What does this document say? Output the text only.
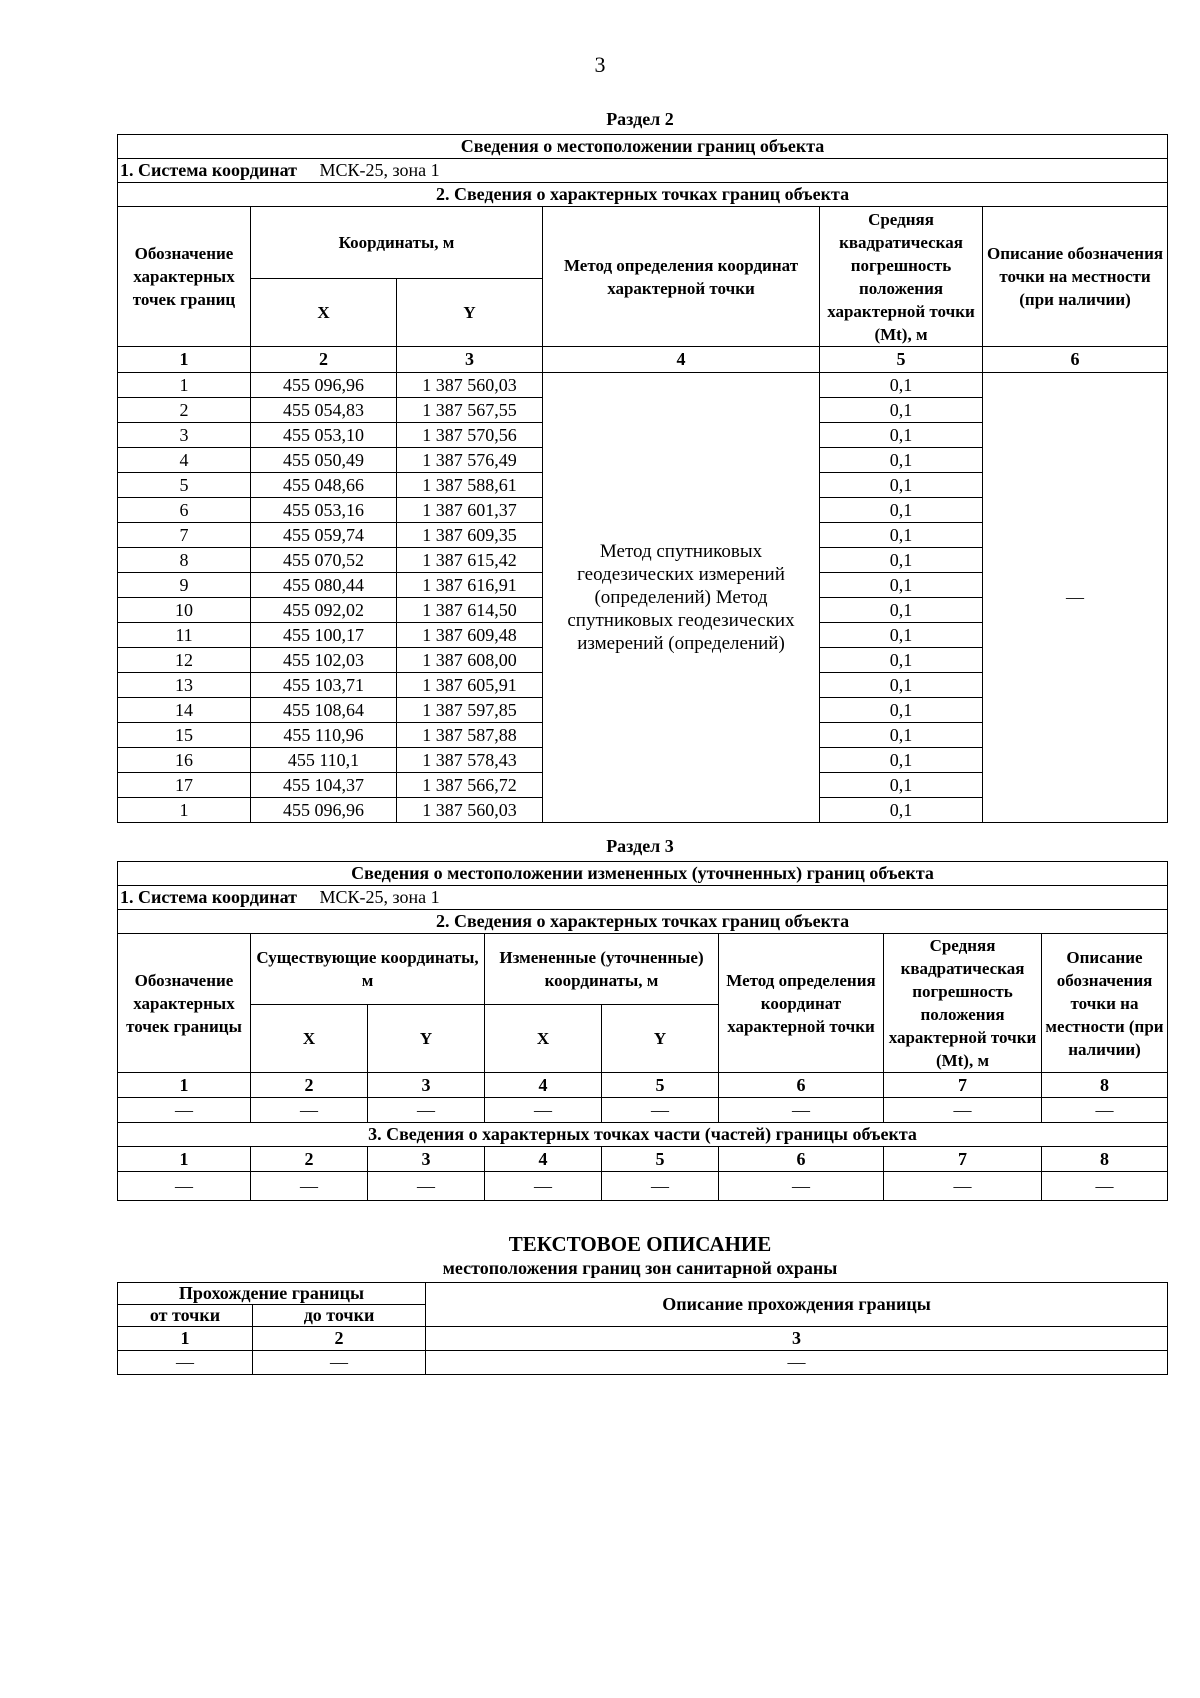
3
Раздел 2
Сведения о местоположении границ объекта					
1. Система координат МСК-25, зона 1					
2. Сведения о характерных точках границ объекта					
Обозначение характерных точек границ	Координаты, м		Метод определения координат характерной точки	Средняя квадратическая погрешность положения характерной точки (Mt), м	Описание обозначения точки на местности (при наличии)
	X	Y			
1	2	3	4	5	6
1	455 096,96	1 387 560,03	Метод спутниковых геодезических измерений (определений) Метод спутниковых геодезических измерений (определений)	0,1	—
2	455 054,83	1 387 567,55		0,1	
3	455 053,10	1 387 570,56		0,1	
4	455 050,49	1 387 576,49		0,1	
5	455 048,66	1 387 588,61		0,1	
6	455 053,16	1 387 601,37		0,1	
7	455 059,74	1 387 609,35		0,1	
8	455 070,52	1 387 615,42		0,1	
9	455 080,44	1 387 616,91		0,1	
10	455 092,02	1 387 614,50		0,1	
11	455 100,17	1 387 609,48		0,1	
12	455 102,03	1 387 608,00		0,1	
13	455 103,71	1 387 605,91		0,1	
14	455 108,64	1 387 597,85		0,1	
15	455 110,96	1 387 587,88		0,1	
16	455 110,1	1 387 578,43		0,1	
17	455 104,37	1 387 566,72		0,1	
1	455 096,96	1 387 560,03		0,1	
Раздел 3
Сведения о местоположении измененных (уточненных) границ объекта							
1. Система координат МСК-25, зона 1							
2. Сведения о характерных точках границ объекта							
Обозначение характерных точек границы	Существующие координаты, м		Измененные (уточненные) координаты, м		Метод определения координат характерной точки	Средняя квадратическая погрешность положения характерной точки (Mt), м	Описание обозначения точки на местности (при наличии)
	X	Y	X	Y			
1	2	3	4	5	6	7	8
—	—	—	—	—	—	—	—
3. Сведения о характерных точках части (частей) границы объекта							
1	2	3	4	5	6	7	8
—	—	—	—	—	—	—	—
ТЕКСТОВОЕ ОПИСАНИЕ
местоположения границ зон санитарной охраны
Прохождение границы		Описание прохождения границы
от точки	до точки	
1	2	3
—	—	—
